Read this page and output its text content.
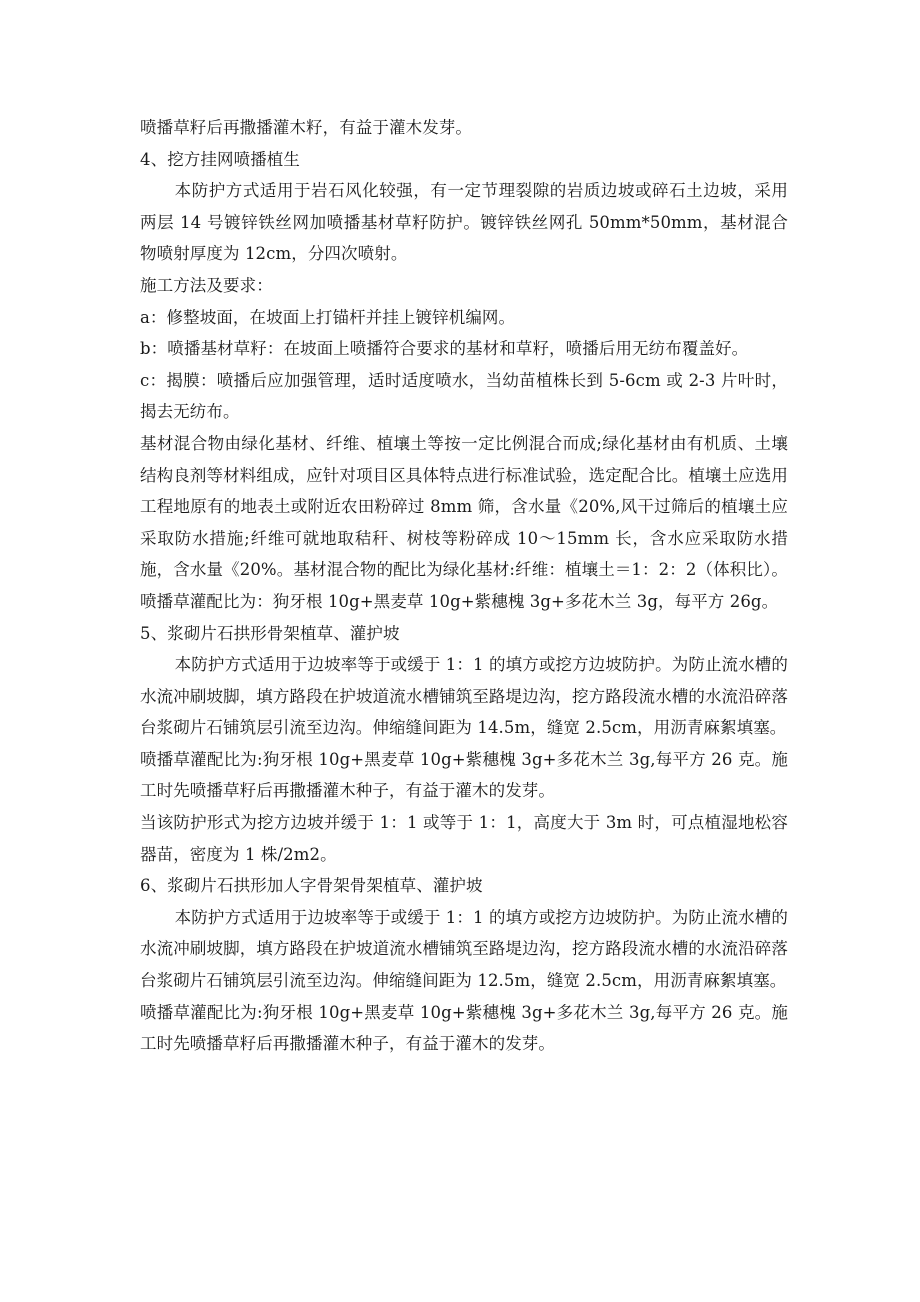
喷播草籽后再撒播灌木籽，有益于灌木发芽。

4、挖方挂网喷播植生

本防护方式适用于岩石风化较强，有一定节理裂隙的岩质边坡或碎石土边坡，采用两层 14 号镀锌铁丝网加喷播基材草籽防护。镀锌铁丝网孔 50mm*50mm，基材混合物喷射厚度为 12cm，分四次喷射。

施工方法及要求：

a：修整坡面，在坡面上打锚杆并挂上镀锌机编网。

b：喷播基材草籽：在坡面上喷播符合要求的基材和草籽，喷播后用无纺布覆盖好。

c：揭膜：喷播后应加强管理，适时适度喷水，当幼苗植株长到 5-6cm 或 2-3 片叶时，揭去无纺布。

基材混合物由绿化基材、纤维、植壤土等按一定比例混合而成;绿化基材由有机质、土壤结构良剂等材料组成，应针对项目区具体特点进行标准试验，选定配合比。植壤土应选用工程地原有的地表土或附近农田粉碎过 8mm 筛，含水量《20%,风干过筛后的植壤土应采取防水措施;纤维可就地取秸秆、树枝等粉碎成 10～15mm 长，含水应采取防水措施，含水量《20%。基材混合物的配比为绿化基材:纤维：植壤土＝1：2：2（体积比）。喷播草灌配比为：狗牙根 10g+黑麦草 10g+紫穗槐 3g+多花木兰 3g，每平方 26g。

5、浆砌片石拱形骨架植草、灌护坡

本防护方式适用于边坡率等于或缓于 1：1 的填方或挖方边坡防护。为防止流水槽的水流冲刷坡脚，填方路段在护坡道流水槽铺筑至路堤边沟，挖方路段流水槽的水流沿碎落台浆砌片石铺筑层引流至边沟。伸缩缝间距为 14.5m，缝宽 2.5cm，用沥青麻絮填塞。

喷播草灌配比为:狗牙根 10g+黑麦草 10g+紫穗槐 3g+多花木兰 3g,每平方 26 克。施工时先喷播草籽后再撒播灌木种子，有益于灌木的发芽。

当该防护形式为挖方边坡并缓于 1：1 或等于 1：1，高度大于 3m 时，可点植湿地松容器苗，密度为 1 株/2m2。

6、浆砌片石拱形加人字骨架骨架植草、灌护坡

本防护方式适用于边坡率等于或缓于 1：1 的填方或挖方边坡防护。为防止流水槽的水流冲刷坡脚，填方路段在护坡道流水槽铺筑至路堤边沟，挖方路段流水槽的水流沿碎落台浆砌片石铺筑层引流至边沟。伸缩缝间距为 12.5m，缝宽 2.5cm，用沥青麻絮填塞。

喷播草灌配比为:狗牙根 10g+黑麦草 10g+紫穗槐 3g+多花木兰 3g,每平方 26 克。施工时先喷播草籽后再撒播灌木种子，有益于灌木的发芽。
